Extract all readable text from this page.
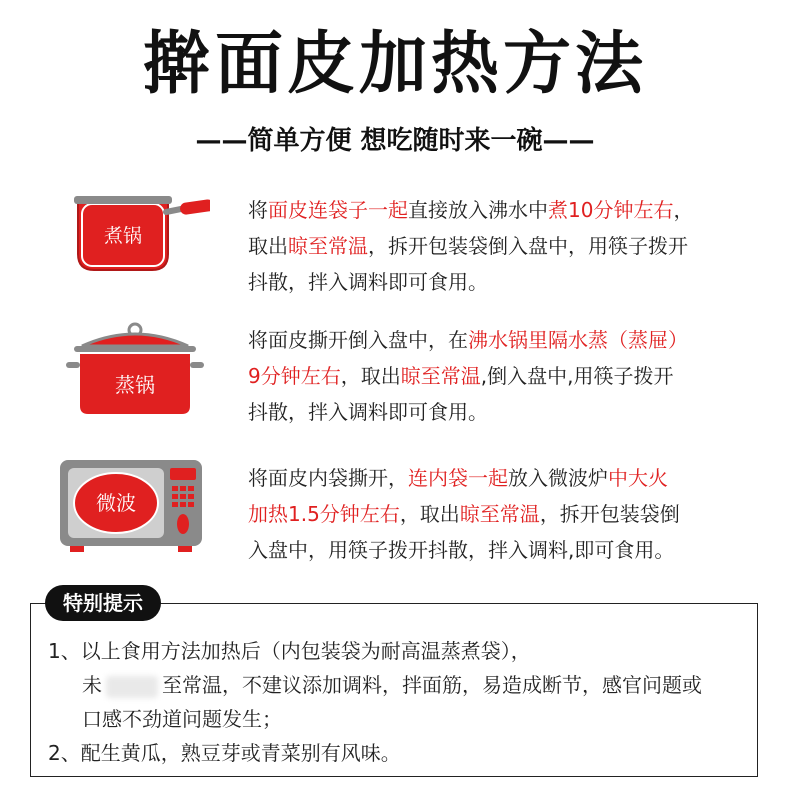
擀面皮加热方法
——简单方便 想吃随时来一碗——
煮锅
将面皮连袋子一起直接放入沸水中煮10分钟左右，
取出晾至常温，拆开包装袋倒入盘中，用筷子拨开
抖散，拌入调料即可食用。
蒸锅
将面皮撕开倒入盘中，在沸水锅里隔水蒸（蒸屉）
9分钟左右，取出晾至常温,倒入盘中,用筷子拨开
抖散，拌入调料即可食用。
微波
将面皮内袋撕开，连内袋一起放入微波炉中大火
加热1.5分钟左右，取出晾至常温，拆开包装袋倒
入盘中，用筷子拨开抖散，拌入调料,即可食用。
特别提示
1、以上食用方法加热后（内包装袋为耐高温蒸煮袋），
未	至常温，不建议添加调料，拌面筋，易造成断节，感官问题或
口感不劲道问题发生；
2、配生黄瓜，熟豆芽或青菜别有风味。
